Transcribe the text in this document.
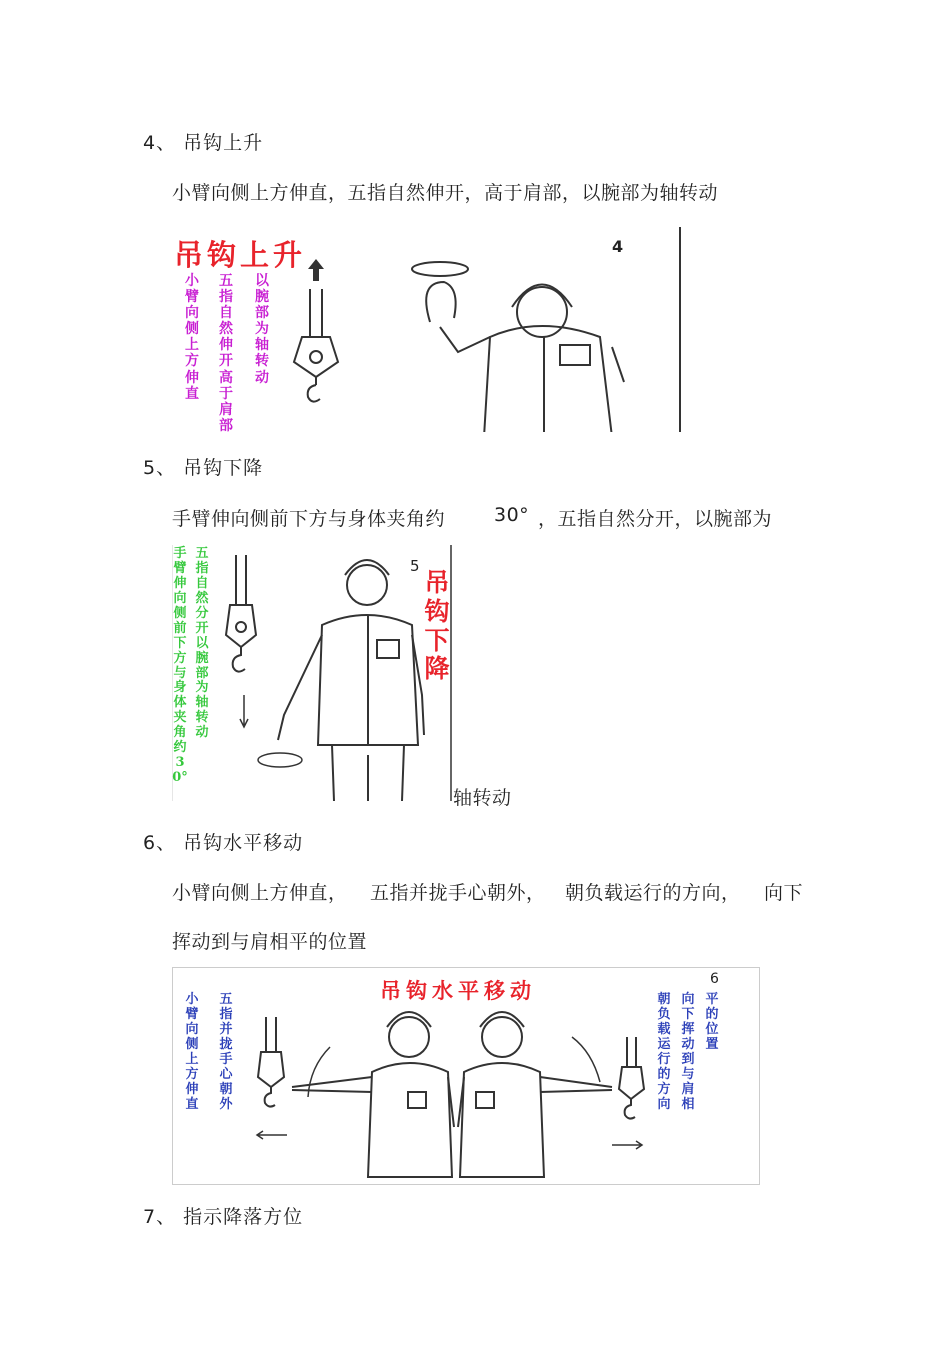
4、 吊钩上升
小臂向侧上方伸直，五指自然伸开，高于肩部，以腕部为轴转动
吊钩上升	4
小臂向侧上方伸直
五指自然伸开高于肩部
以腕部为轴转动
5、 吊钩下降
手臂伸向侧前下方与身体夹角约	30° ，五指自然分开，以腕部为
手臂伸向侧前下方与身体夹角约30°
五指自然分开以腕部为轴转动
5
吊钩下降
轴转动
6、 吊钩水平移动
小臂向侧上方伸直， 五指并拢手心朝外， 朝负载运行的方向， 向下
挥动到与肩相平的位置
吊钩水平移动	6
小臂向侧上方伸直
五指并拢手心朝外
朝负载运行的方向
向下挥动到与肩相
平的位置
7、 指示降落方位
